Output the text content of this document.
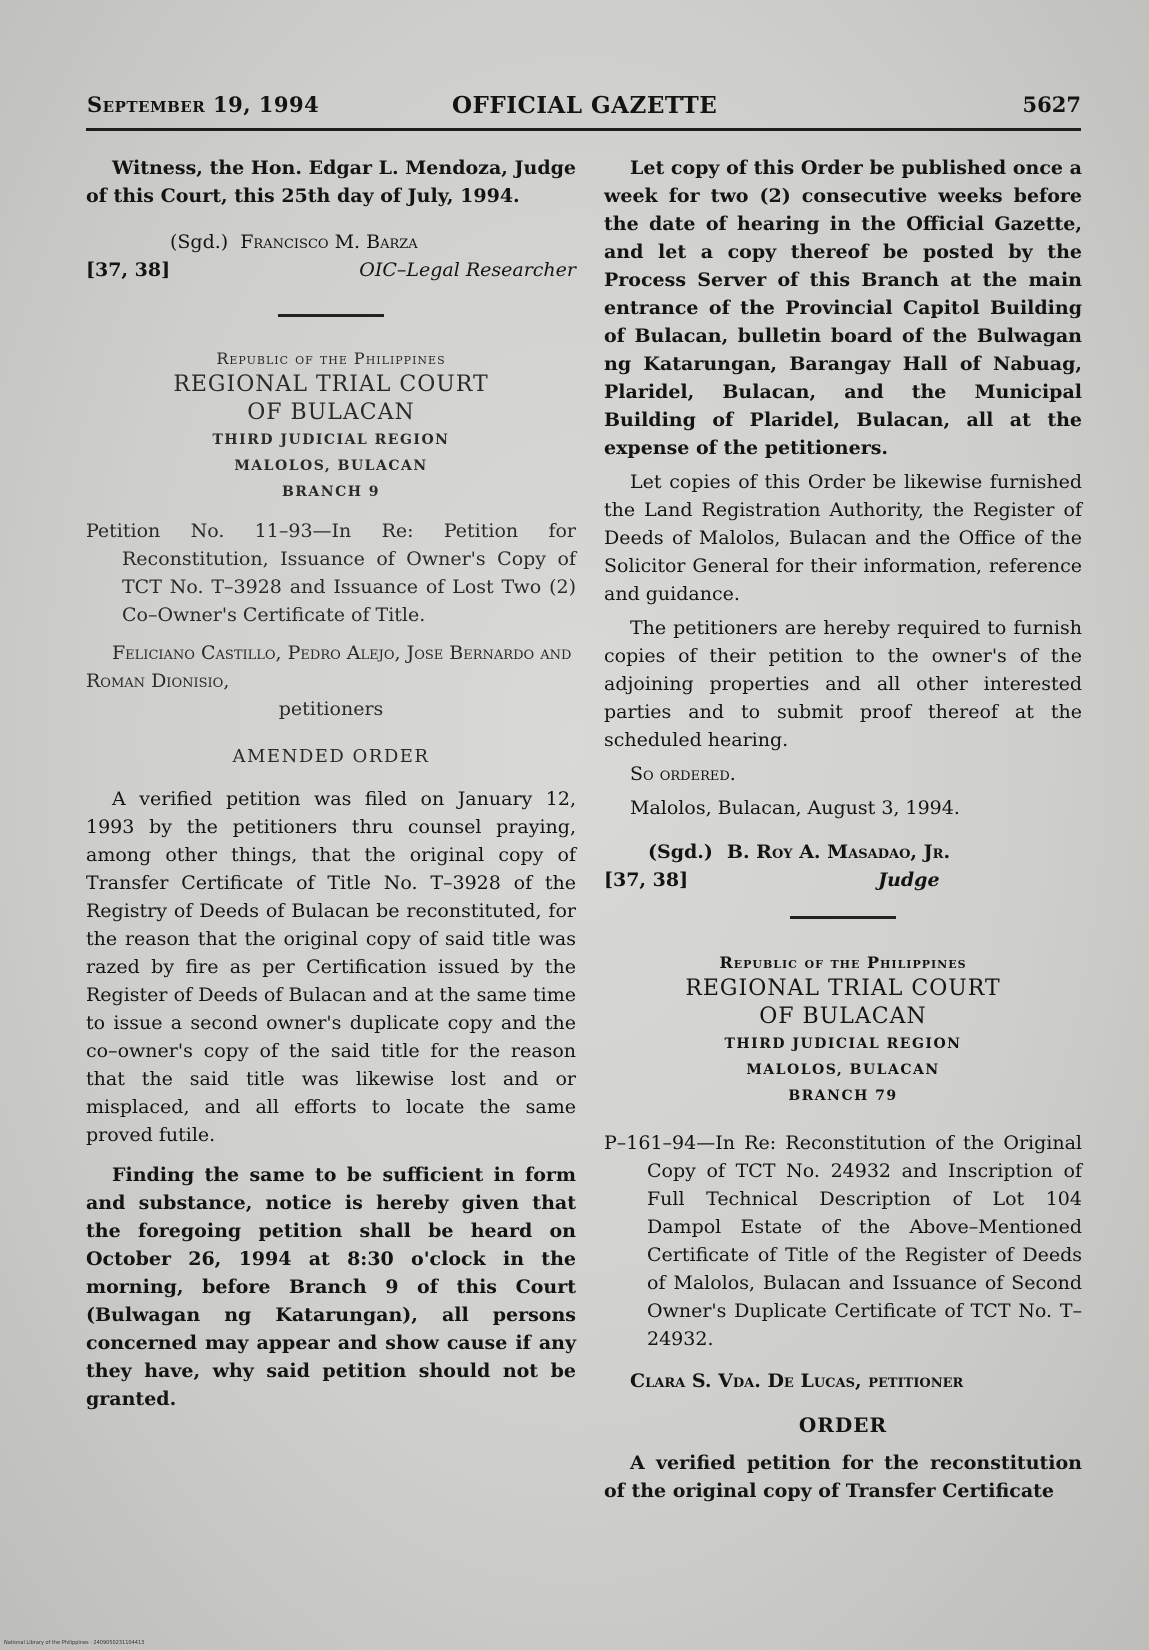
September 19, 1994	OFFICIAL GAZETTE	5627

Witness, the Hon. Edgar L. Mendoza, Judge of this Court, this 25th day of July, 1994.

(Sgd.) Francisco M. Barza
[37, 38]	OIC–Legal Researcher
Republic of the Philippines
REGIONAL TRIAL COURT
OF BULACAN
THIRD JUDICIAL REGION
MALOLOS, BULACAN
BRANCH 9

Petition No. 11–93—In Re: Petition for Reconstitution, Issuance of Owner's Copy of TCT No. T–3928 and Issuance of Lost Two (2) Co–Owner's Certificate of Title.

Feliciano Castillo, Pedro Alejo, Jose Bernardo and Roman Dionisio,

petitioners

AMENDED ORDER

A verified petition was filed on January 12, 1993 by the petitioners thru counsel praying, among other things, that the original copy of Transfer Certificate of Title No. T–3928 of the Registry of Deeds of Bulacan be reconstituted, for the reason that the original copy of said title was razed by fire as per Certification issued by the Register of Deeds of Bulacan and at the same time to issue a second owner's duplicate copy and the co–owner's copy of the said title for the reason that the said title was likewise lost and or misplaced, and all efforts to locate the same proved futile.

Finding the same to be sufficient in form and substance, notice is hereby given that the foregoing petition shall be heard on October 26, 1994 at 8:30 o'clock in the morning, before Branch 9 of this Court (Bulwagan ng Katarungan), all persons concerned may appear and show cause if any they have, why said petition should not be granted.

Let copy of this Order be published once a week for two (2) consecutive weeks before the date of hearing in the Official Gazette, and let a copy thereof be posted by the Process Server of this Branch at the main entrance of the Provincial Capitol Building of Bulacan, bulletin board of the Bulwagan ng Katarungan, Barangay Hall of Nabuag, Plaridel, Bulacan, and the Municipal Building of Plaridel, Bulacan, all at the expense of the petitioners.

Let copies of this Order be likewise furnished the Land Registration Authority, the Register of Deeds of Malolos, Bulacan and the Office of the Solicitor General for their information, reference and guidance.

The petitioners are hereby required to furnish copies of their petition to the owner's of the adjoining properties and all other interested parties and to submit proof thereof at the scheduled hearing.

So ordered.

Malolos, Bulacan, August 3, 1994.

(Sgd.) B. Roy A. Masadao, Jr.
[37, 38]	Judge
Republic of the Philippines
REGIONAL TRIAL COURT
OF BULACAN
THIRD JUDICIAL REGION
MALOLOS, BULACAN
BRANCH 79

P–161–94—In Re: Reconstitution of the Original Copy of TCT No. 24932 and Inscription of Full Technical Description of Lot 104 Dampol Estate of the Above–Mentioned Certificate of Title of the Register of Deeds of Malolos, Bulacan and Issuance of Second Owner's Duplicate Certificate of TCT No. T–24932.

Clara S. Vda. De Lucas, petitioner

ORDER

A verified petition for the reconstitution of the original copy of Transfer Certificate

National Library of the Philippines · 2409050231104413
